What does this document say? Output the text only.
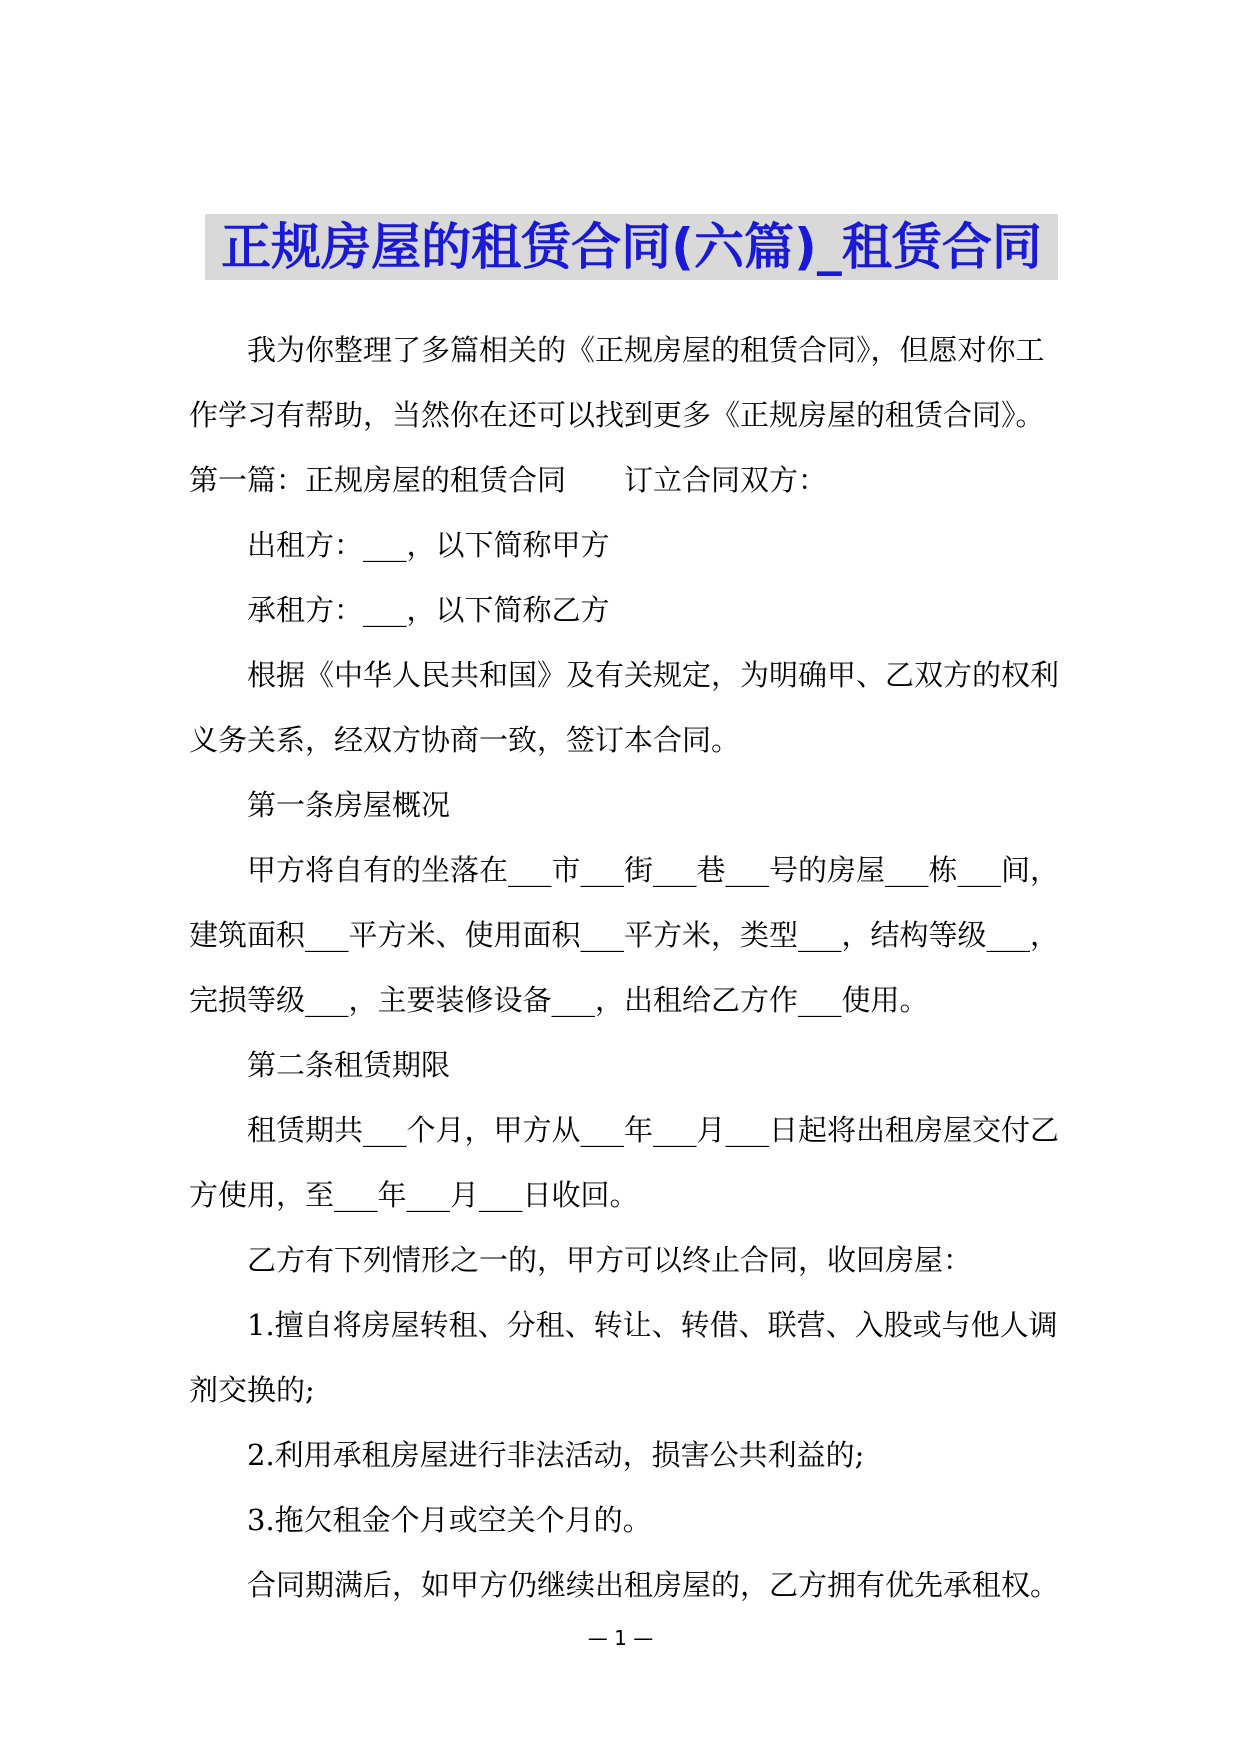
正规房屋的租赁合同(六篇)_租赁合同
我为你整理了多篇相关的《正规房屋的租赁合同》，但愿对你工
作学习有帮助，当然你在还可以找到更多《正规房屋的租赁合同》。
第一篇：正规房屋的租赁合同　　订立合同双方：
出租方：___，以下简称甲方
承租方：___，以下简称乙方
根据《中华人民共和国》及有关规定，为明确甲、乙双方的权利
义务关系，经双方协商一致，签订本合同。
第一条房屋概况
甲方将自有的坐落在___市___街___巷___号的房屋___栋___间，
建筑面积___平方米、使用面积___平方米，类型___，结构等级___，
完损等级___，主要装修设备___，出租给乙方作___使用。
第二条租赁期限
租赁期共___个月，甲方从___年___月___日起将出租房屋交付乙
方使用，至___年___月___日收回。
乙方有下列情形之一的，甲方可以终止合同，收回房屋：
1.擅自将房屋转租、分租、转让、转借、联营、入股或与他人调
剂交换的;
2.利用承租房屋进行非法活动，损害公共利益的;
3.拖欠租金个月或空关个月的。
合同期满后，如甲方仍继续出租房屋的，乙方拥有优先承租权。
— 1 —
